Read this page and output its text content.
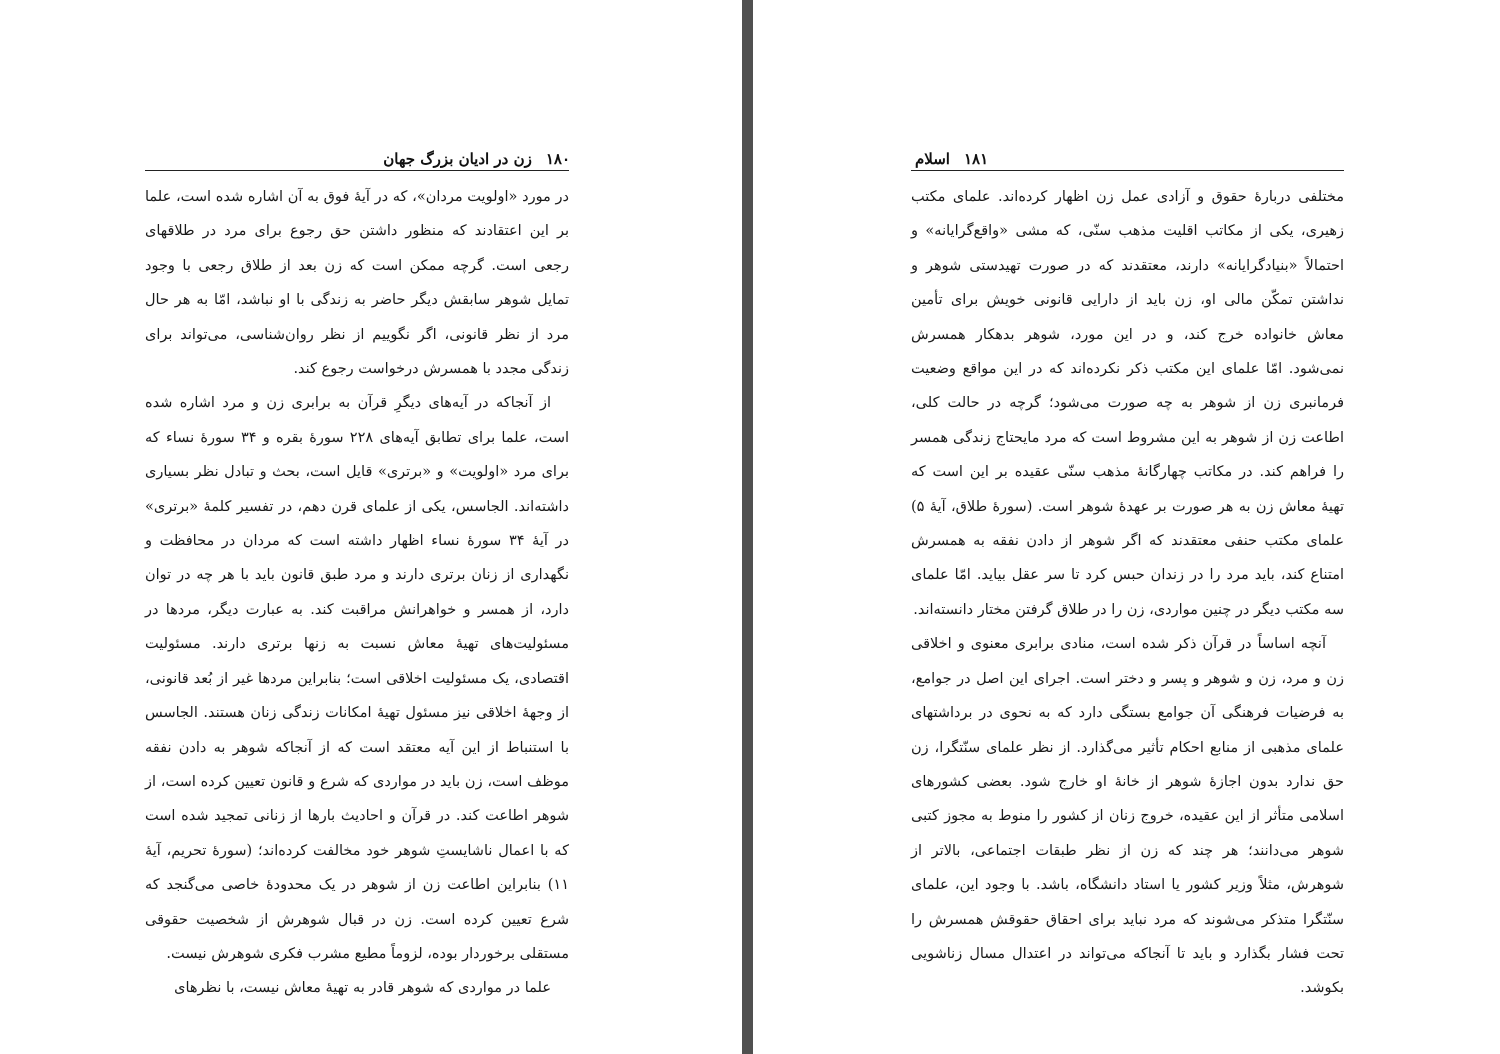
۱۸۰زن در ادیان بزرگ جهان

در مورد «اولویت مردان»، که در آیهٔ فوق به آن اشاره شده است، علما بر این اعتقادند که منظور داشتن حق رجوع برای مرد در طلاقهای رجعی است. گرچه ممکن است که زن بعد از طلاق رجعی با وجود تمایل شوهر سابقش دیگر حاضر به زندگی با او نباشد، امّا به هر حال مرد از نظر قانونی، اگر نگوییم از نظر روان‌شناسی، می‌تواند برای زندگی مجدد با همسرش درخواست رجوع کند.

از آنجاکه در آیه‌های دیگرِ قرآن به برابری زن و مرد اشاره شده است، علما برای تطابق آیه‌های ۲۲۸ سورهٔ بقره و ۳۴ سورهٔ نساء که برای مرد «اولویت» و «برتری» قایل است، بحث و تبادل نظر بسیاری داشته‌اند. الجاسس، یکی از علمای قرن دهم، در تفسیر کلمهٔ «برتری» در آیهٔ ۳۴ سورهٔ نساء اظهار داشته است که مردان در محافظت و نگهداری از زنان برتری دارند و مرد طبق قانون باید با هر چه در توان دارد، از همسر و خواهرانش مراقبت کند. به عبارت دیگر، مردها در مسئولیت‌های تهیهٔ معاش نسبت به زنها برتری دارند. مسئولیت اقتصادی، یک مسئولیت اخلاقی است؛ بنابراین مردها غیر از بُعد قانونی، از وجههٔ اخلاقی نیز مسئول تهیهٔ امکانات زندگی زنان هستند. الجاسس با استنباط از این آیه معتقد است که از آنجاکه شوهر به دادن نفقه موظف است، زن باید در مواردی که شرع و قانون تعیین کرده است، از شوهر اطاعت کند. در قرآن و احادیث بارها از زنانی تمجید شده است که با اعمال ناشایستِ شوهر خود مخالفت کرده‌اند؛ (سورهٔ تحریم، آیهٔ ۱۱) بنابراین اطاعت زن از شوهر در یک محدودهٔ خاصی می‌گنجد که شرع تعیین کرده است. زن در قبال شوهرش از شخصیت حقوقی مستقلی برخوردار بوده، لزوماً مطیع مشرب فکری شوهرش نیست.

علما در مواردی که شوهر قادر به تهیهٔ معاش نیست، با نظرهای

۱۸۱اسلام

مختلفی دربارهٔ حقوق و آزادی عمل زن اظهار کرده‌اند. علمای مکتب زهیری، یکی از مکاتب اقلیت مذهب سنّی، که مشی «واقع‌گرایانه» و احتمالاً «بنیادگرایانه» دارند، معتقدند که در صورت تهیدستی شوهر و نداشتن تمکّن مالی او، زن باید از دارایی قانونی خویش برای تأمین معاش خانواده خرج کند، و در این مورد، شوهر بدهکار همسرش نمی‌شود. امّا علمای این مکتب ذکر نکرده‌اند که در این مواقع وضعیت فرمانبری زن از شوهر به چه صورت می‌شود؛ گرچه در حالت کلی، اطاعت زن از شوهر به این مشروط است که مرد مایحتاج زندگی همسر را فراهم کند. در مکاتب چهارگانهٔ مذهب سنّی عقیده بر این است که تهیهٔ معاش زن به هر صورت بر عهدهٔ شوهر است. (سورهٔ طلاق، آیهٔ ۵) علمای مکتب حنفی معتقدند که اگر شوهر از دادن نفقه به همسرش امتناع کند، باید مرد را در زندان حبس کرد تا سر عقل بیاید. امّا علمای سه مکتب دیگر در چنین مواردی، زن را در طلاق گرفتن مختار دانسته‌اند.

آنچه اساساً در قرآن ذکر شده است، منادی برابری معنوی و اخلاقی زن و مرد، زن و شوهر و پسر و دختر است. اجرای این اصل در جوامع، به فرضیات فرهنگی آن جوامع بستگی دارد که به نحوی در برداشتهای علمای مذهبی از منابع احکام تأثیر می‌گذارد. از نظر علمای سنّتگرا، زن حق ندارد بدون اجازهٔ شوهر از خانهٔ او خارج شود. بعضی کشورهای اسلامی متأثر از این عقیده، خروج زنان از کشور را منوط به مجوز کتبی شوهر می‌دانند؛ هر چند که زن از نظر طبقات اجتماعی، بالاتر از شوهرش، مثلاً وزیر کشور یا استاد دانشگاه، باشد. با وجود این، علمای سنّتگرا متذکر می‌شوند که مرد نباید برای احقاق حقوقش همسرش را تحت فشار بگذارد و باید تا آنجاکه می‌تواند در اعتدال مسال زناشویی بکوشد.
